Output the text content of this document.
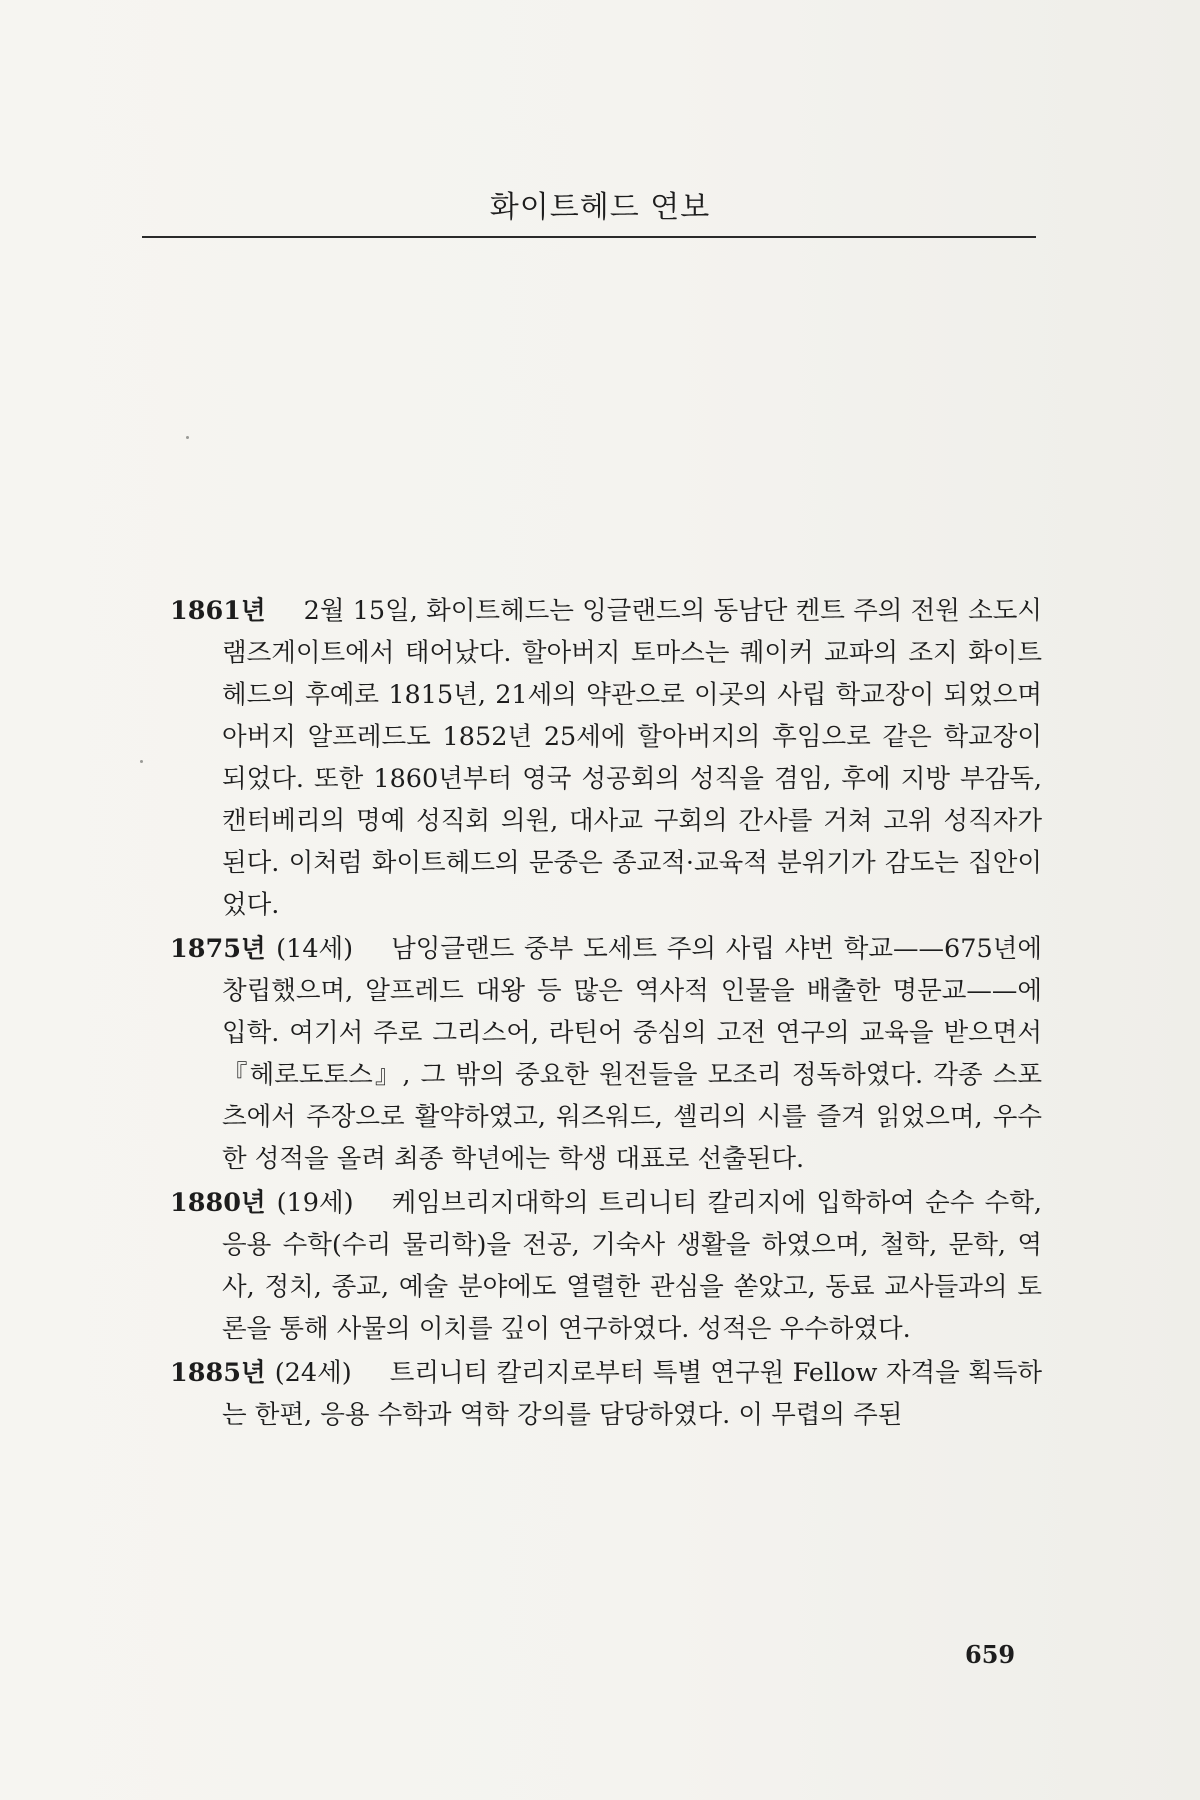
화이트헤드 연보

1861년 2월 15일, 화이트헤드는 잉글랜드의 동남단 켄트 주의 전원 소도시 램즈게이트에서 태어났다. 할아버지 토마스는 퀘이커 교파의 조지 화이트헤드의 후예로 1815년, 21세의 약관으로 이곳의 사립 학교장이 되었으며 아버지 알프레드도 1852년 25세에 할아버지의 후임으로 같은 학교장이 되었다. 또한 1860년부터 영국 성공회의 성직을 겸임, 후에 지방 부감독, 캔터베리의 명예 성직회 의원, 대사교 구회의 간사를 거쳐 고위 성직자가 된다. 이처럼 화이트헤드의 문중은 종교적·교육적 분위기가 감도는 집안이었다.

1875년 (14세) 남잉글랜드 중부 도세트 주의 사립 샤번 학교——675년에 창립했으며, 알프레드 대왕 등 많은 역사적 인물을 배출한 명문교——에 입학. 여기서 주로 그리스어, 라틴어 중심의 고전 연구의 교육을 받으면서 『헤로도토스』, 그 밖의 중요한 원전들을 모조리 정독하였다. 각종 스포츠에서 주장으로 활약하였고, 워즈워드, 셸리의 시를 즐겨 읽었으며, 우수한 성적을 올려 최종 학년에는 학생 대표로 선출된다.

1880년 (19세) 케임브리지대학의 트리니티 칼리지에 입학하여 순수 수학, 응용 수학(수리 물리학)을 전공, 기숙사 생활을 하였으며, 철학, 문학, 역사, 정치, 종교, 예술 분야에도 열렬한 관심을 쏟았고, 동료 교사들과의 토론을 통해 사물의 이치를 깊이 연구하였다. 성적은 우수하였다.

1885년 (24세) 트리니티 칼리지로부터 특별 연구원 Fellow 자격을 획득하는 한편, 응용 수학과 역학 강의를 담당하였다. 이 무렵의 주된

659
